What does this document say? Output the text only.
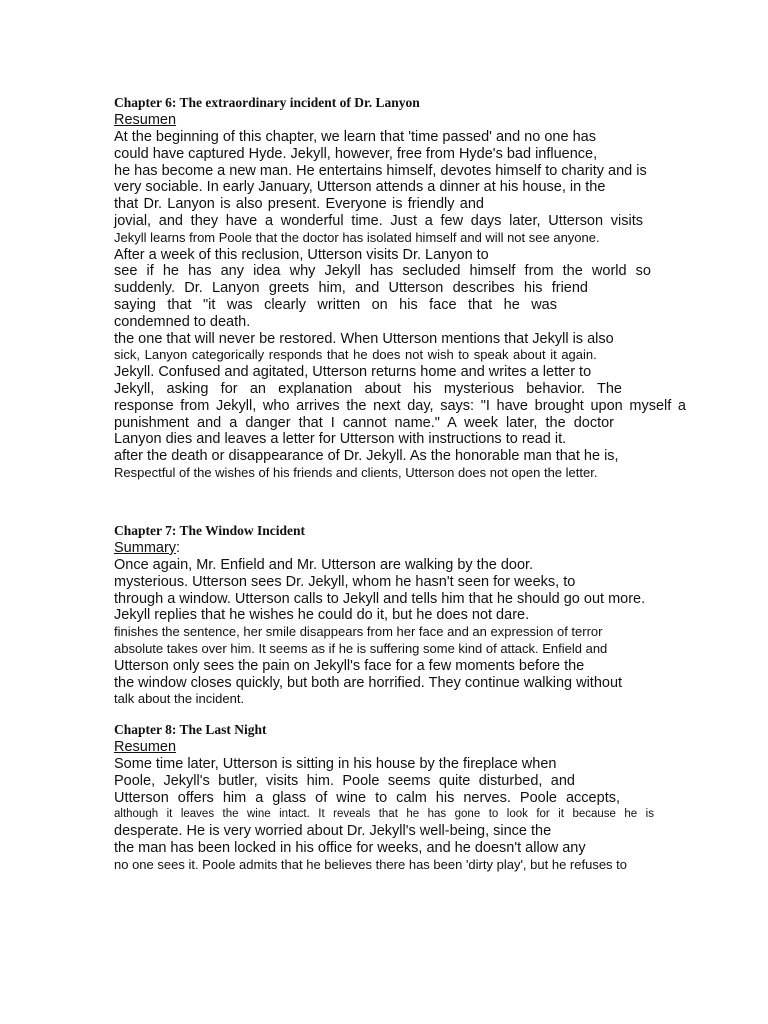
Chapter 6: The extraordinary incident of Dr. Lanyon

Resumen

At the beginning of this chapter, we learn that 'time passed' and no one has

could have captured Hyde. Jekyll, however, free from Hyde's bad influence,

he has become a new man. He entertains himself, devotes himself to charity and is

very sociable. In early January, Utterson attends a dinner at his house, in the

that Dr. Lanyon is also present. Everyone is friendly and

jovial, and they have a wonderful time. Just a few days later, Utterson visits

Jekyll learns from Poole that the doctor has isolated himself and will not see anyone.

After a week of this reclusion, Utterson visits Dr. Lanyon to

see if he has any idea why Jekyll has secluded himself from the world so

suddenly. Dr. Lanyon greets him, and Utterson describes his friend

saying that "it was clearly written on his face that he was

condemned to death.

the one that will never be restored. When Utterson mentions that Jekyll is also

sick, Lanyon categorically responds that he does not wish to speak about it again.

Jekyll. Confused and agitated, Utterson returns home and writes a letter to

Jekyll, asking for an explanation about his mysterious behavior. The

response from Jekyll, who arrives the next day, says: "I have brought upon myself a

punishment and a danger that I cannot name." A week later, the doctor

Lanyon dies and leaves a letter for Utterson with instructions to read it.

after the death or disappearance of Dr. Jekyll. As the honorable man that he is,

Respectful of the wishes of his friends and clients, Utterson does not open the letter.

Chapter 7: The Window Incident

Summary:

Once again, Mr. Enfield and Mr. Utterson are walking by the door.

mysterious. Utterson sees Dr. Jekyll, whom he hasn't seen for weeks, to

through a window. Utterson calls to Jekyll and tells him that he should go out more.

Jekyll replies that he wishes he could do it, but he does not dare.

finishes the sentence, her smile disappears from her face and an expression of terror

absolute takes over him. It seems as if he is suffering some kind of attack. Enfield and

Utterson only sees the pain on Jekyll's face for a few moments before the

the window closes quickly, but both are horrified. They continue walking without

talk about the incident.

Chapter 8: The Last Night

Resumen

Some time later, Utterson is sitting in his house by the fireplace when

Poole, Jekyll's butler, visits him. Poole seems quite disturbed, and

Utterson offers him a glass of wine to calm his nerves. Poole accepts,

although it leaves the wine intact. It reveals that he has gone to look for it because he is

desperate. He is very worried about Dr. Jekyll's well-being, since the

the man has been locked in his office for weeks, and he doesn't allow any

no one sees it. Poole admits that he believes there has been 'dirty play', but he refuses to
